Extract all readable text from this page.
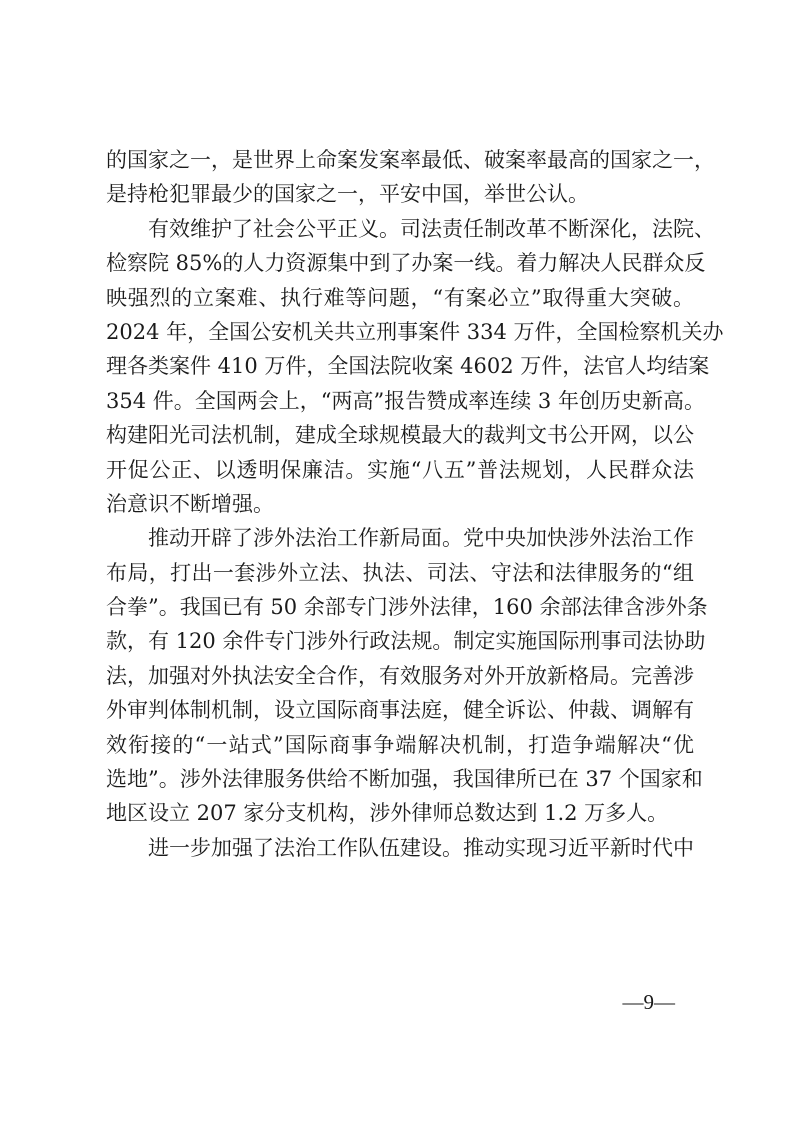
的国家之一，是世界上命案发案率最低、破案率最高的国家之一，
是持枪犯罪最少的国家之一，平安中国，举世公认。
有效维护了社会公平正义。司法责任制改革不断深化，法院、
检察院 85%的人力资源集中到了办案一线。着力解决人民群众反
映强烈的立案难、执行难等问题，“有案必立”取得重大突破。
2024 年，全国公安机关共立刑事案件 334 万件，全国检察机关办
理各类案件 410 万件，全国法院收案 4602 万件，法官人均结案
354 件。全国两会上，“两高”报告赞成率连续 3 年创历史新高。
构建阳光司法机制，建成全球规模最大的裁判文书公开网，以公
开促公正、以透明保廉洁。实施“八五”普法规划，人民群众法
治意识不断增强。
推动开辟了涉外法治工作新局面。党中央加快涉外法治工作
布局，打出一套涉外立法、执法、司法、守法和法律服务的“组
合拳”。我国已有 50 余部专门涉外法律，160 余部法律含涉外条
款，有 120 余件专门涉外行政法规。制定实施国际刑事司法协助
法，加强对外执法安全合作，有效服务对外开放新格局。完善涉
外审判体制机制，设立国际商事法庭，健全诉讼、仲裁、调解有
效衔接的“一站式”国际商事争端解决机制，打造争端解决“优
选地”。涉外法律服务供给不断加强，我国律所已在 37 个国家和
地区设立 207 家分支机构，涉外律师总数达到 1.2 万多人。
进一步加强了法治工作队伍建设。推动实现习近平新时代中
—9—
